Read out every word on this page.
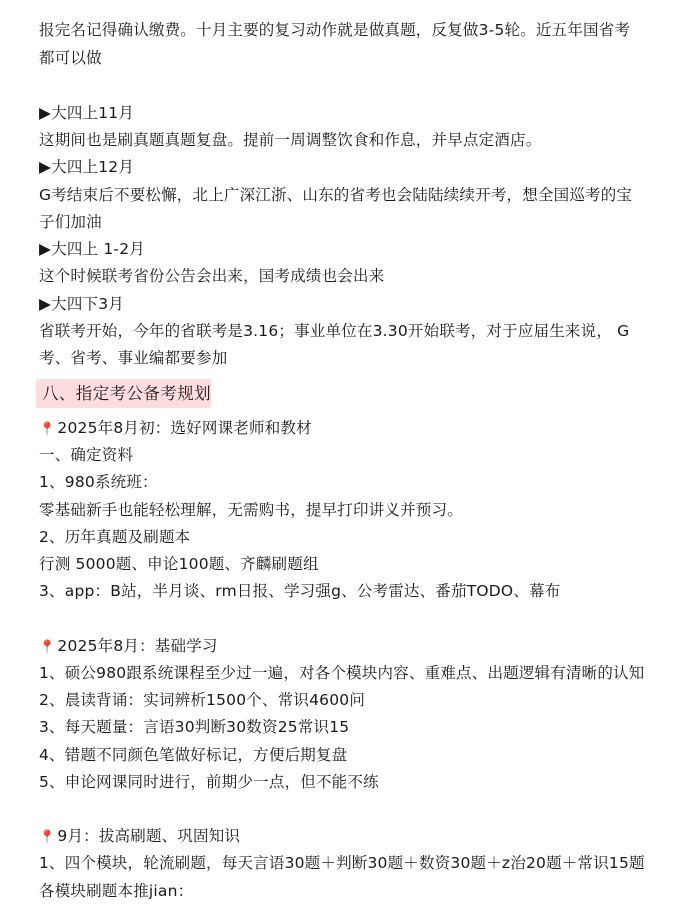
报完名记得确认缴费。十月主要的复习动作就是做真题，反复做3-5轮。近五年国省考
都可以做
▶大四上11月
这期间也是刷真题真题复盘。提前一周调整饮食和作息，并早点定酒店。
▶大四上12月
G考结束后不要松懈，北上广深江浙、山东的省考也会陆陆续续开考，想全国巡考的宝
子们加油
▶大四上 1-2月
这个时候联考省份公告会出来，国考成绩也会出来
▶大四下3月
省联考开始，今年的省联考是3.16；事业单位在3.30开始联考，对于应届生来说， G
考、省考、事业编都要参加
八、指定考公备考规划
📍 2025年8月初：选好网课老师和教材
一、确定资料
1、980系统班：
零基础新手也能轻松理解，无需购书，提早打印讲义并预习。
2、历年真题及刷题本
行测 5000题、申论100题、齐麟刷题组
3、app：B站，半月谈、rm日报、学习强g、公考雷达、番茄TODO、幕布
📍 2025年8月：基础学习
1、硕公980跟系统课程至少过一遍，对各个模块内容、重难点、出题逻辑有清晰的认知
2、晨读背诵：实词辨析1500个、常识4600问
3、每天题量：言语30判断30数资25常识15
4、错题不同颜色笔做好标记，方便后期复盘
5、申论网课同时进行，前期少一点，但不能不练
📍 9月：拔高刷题、巩固知识
1、四个模块，轮流刷题，每天言语30题＋判断30题＋数资30题＋z治20题＋常识15题
各模块刷题本推jian：
